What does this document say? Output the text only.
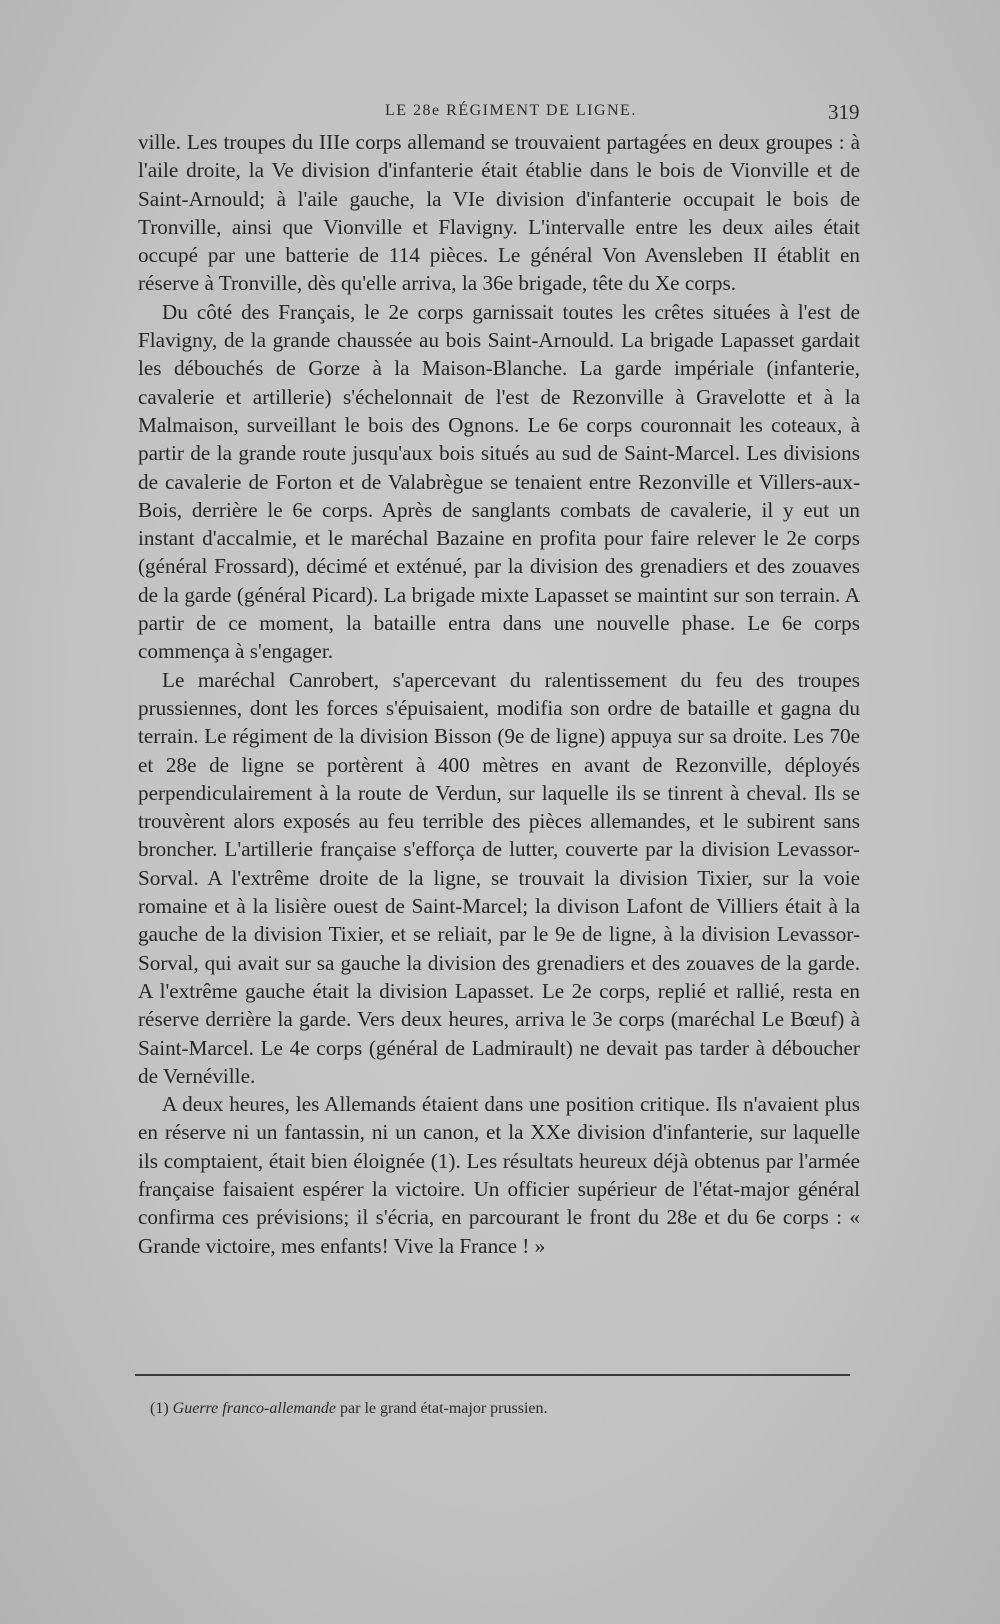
LE 28e RÉGIMENT DE LIGNE.	319

ville. Les troupes du IIIe corps allemand se trouvaient partagées en deux groupes : à l'aile droite, la Ve division d'infanterie était établie dans le bois de Vionville et de Saint-Arnould; à l'aile gauche, la VIe division d'infanterie occupait le bois de Tronville, ainsi que Vionville et Flavigny. L'intervalle entre les deux ailes était occupé par une batterie de 114 pièces. Le général Von Avensleben II établit en réserve à Tronville, dès qu'elle arriva, la 36e brigade, tête du Xe corps.

Du côté des Français, le 2e corps garnissait toutes les crêtes situées à l'est de Flavigny, de la grande chaussée au bois Saint-Arnould. La brigade Lapasset gardait les débouchés de Gorze à la Maison-Blanche. La garde impériale (infanterie, cavalerie et artillerie) s'échelonnait de l'est de Rezonville à Gravelotte et à la Malmaison, surveillant le bois des Ognons. Le 6e corps couronnait les coteaux, à partir de la grande route jusqu'aux bois situés au sud de Saint-Marcel. Les divisions de cavalerie de Forton et de Valabrègue se tenaient entre Rezonville et Villers-aux-Bois, derrière le 6e corps. Après de sanglants combats de cavalerie, il y eut un instant d'accalmie, et le maréchal Bazaine en profita pour faire relever le 2e corps (général Frossard), décimé et exténué, par la division des grenadiers et des zouaves de la garde (général Picard). La brigade mixte Lapasset se maintint sur son terrain. A partir de ce moment, la bataille entra dans une nouvelle phase. Le 6e corps commença à s'engager.

Le maréchal Canrobert, s'apercevant du ralentissement du feu des troupes prussiennes, dont les forces s'épuisaient, modifia son ordre de bataille et gagna du terrain. Le régiment de la division Bisson (9e de ligne) appuya sur sa droite. Les 70e et 28e de ligne se portèrent à 400 mètres en avant de Rezonville, déployés perpendiculairement à la route de Verdun, sur laquelle ils se tinrent à cheval. Ils se trouvèrent alors exposés au feu terrible des pièces allemandes, et le subirent sans broncher. L'artillerie française s'efforça de lutter, couverte par la division Levassor-Sorval. A l'extrême droite de la ligne, se trouvait la division Tixier, sur la voie romaine et à la lisière ouest de Saint-Marcel; la divison Lafont de Villiers était à la gauche de la division Tixier, et se reliait, par le 9e de ligne, à la division Levassor-Sorval, qui avait sur sa gauche la division des grenadiers et des zouaves de la garde. A l'extrême gauche était la division Lapasset. Le 2e corps, replié et rallié, resta en réserve derrière la garde. Vers deux heures, arriva le 3e corps (maréchal Le Bœuf) à Saint-Marcel. Le 4e corps (général de Ladmirault) ne devait pas tarder à déboucher de Vernéville.

A deux heures, les Allemands étaient dans une position critique. Ils n'avaient plus en réserve ni un fantassin, ni un canon, et la XXe division d'infanterie, sur laquelle ils comptaient, était bien éloignée (1). Les résultats heureux déjà obtenus par l'armée française faisaient espérer la victoire. Un officier supérieur de l'état-major général confirma ces prévisions; il s'écria, en parcourant le front du 28e et du 6e corps : « Grande victoire, mes enfants! Vive la France ! »

(1) Guerre franco-allemande par le grand état-major prussien.
